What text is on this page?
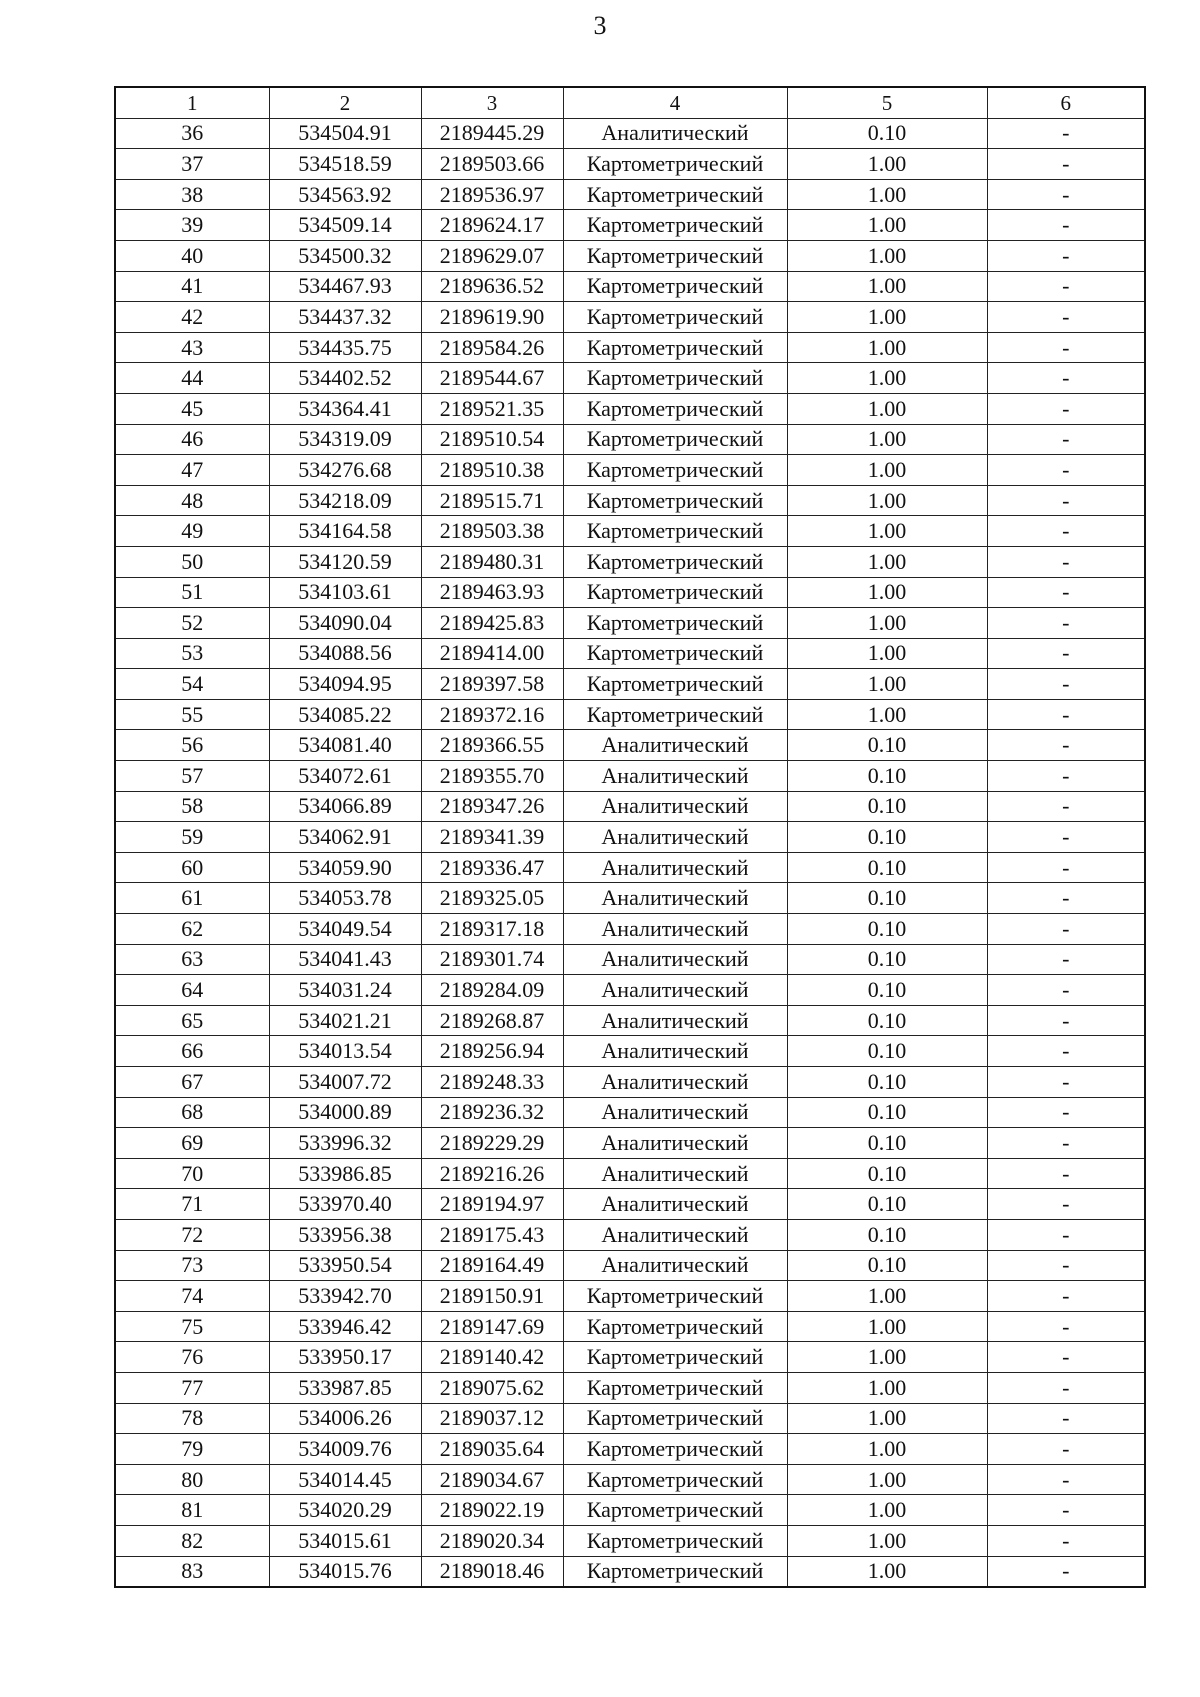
3
1	2	3	4	5	6
36	534504.91	2189445.29	Аналитический	0.10	-
37	534518.59	2189503.66	Картометрический	1.00	-
38	534563.92	2189536.97	Картометрический	1.00	-
39	534509.14	2189624.17	Картометрический	1.00	-
40	534500.32	2189629.07	Картометрический	1.00	-
41	534467.93	2189636.52	Картометрический	1.00	-
42	534437.32	2189619.90	Картометрический	1.00	-
43	534435.75	2189584.26	Картометрический	1.00	-
44	534402.52	2189544.67	Картометрический	1.00	-
45	534364.41	2189521.35	Картометрический	1.00	-
46	534319.09	2189510.54	Картометрический	1.00	-
47	534276.68	2189510.38	Картометрический	1.00	-
48	534218.09	2189515.71	Картометрический	1.00	-
49	534164.58	2189503.38	Картометрический	1.00	-
50	534120.59	2189480.31	Картометрический	1.00	-
51	534103.61	2189463.93	Картометрический	1.00	-
52	534090.04	2189425.83	Картометрический	1.00	-
53	534088.56	2189414.00	Картометрический	1.00	-
54	534094.95	2189397.58	Картометрический	1.00	-
55	534085.22	2189372.16	Картометрический	1.00	-
56	534081.40	2189366.55	Аналитический	0.10	-
57	534072.61	2189355.70	Аналитический	0.10	-
58	534066.89	2189347.26	Аналитический	0.10	-
59	534062.91	2189341.39	Аналитический	0.10	-
60	534059.90	2189336.47	Аналитический	0.10	-
61	534053.78	2189325.05	Аналитический	0.10	-
62	534049.54	2189317.18	Аналитический	0.10	-
63	534041.43	2189301.74	Аналитический	0.10	-
64	534031.24	2189284.09	Аналитический	0.10	-
65	534021.21	2189268.87	Аналитический	0.10	-
66	534013.54	2189256.94	Аналитический	0.10	-
67	534007.72	2189248.33	Аналитический	0.10	-
68	534000.89	2189236.32	Аналитический	0.10	-
69	533996.32	2189229.29	Аналитический	0.10	-
70	533986.85	2189216.26	Аналитический	0.10	-
71	533970.40	2189194.97	Аналитический	0.10	-
72	533956.38	2189175.43	Аналитический	0.10	-
73	533950.54	2189164.49	Аналитический	0.10	-
74	533942.70	2189150.91	Картометрический	1.00	-
75	533946.42	2189147.69	Картометрический	1.00	-
76	533950.17	2189140.42	Картометрический	1.00	-
77	533987.85	2189075.62	Картометрический	1.00	-
78	534006.26	2189037.12	Картометрический	1.00	-
79	534009.76	2189035.64	Картометрический	1.00	-
80	534014.45	2189034.67	Картометрический	1.00	-
81	534020.29	2189022.19	Картометрический	1.00	-
82	534015.61	2189020.34	Картометрический	1.00	-
83	534015.76	2189018.46	Картометрический	1.00	-
